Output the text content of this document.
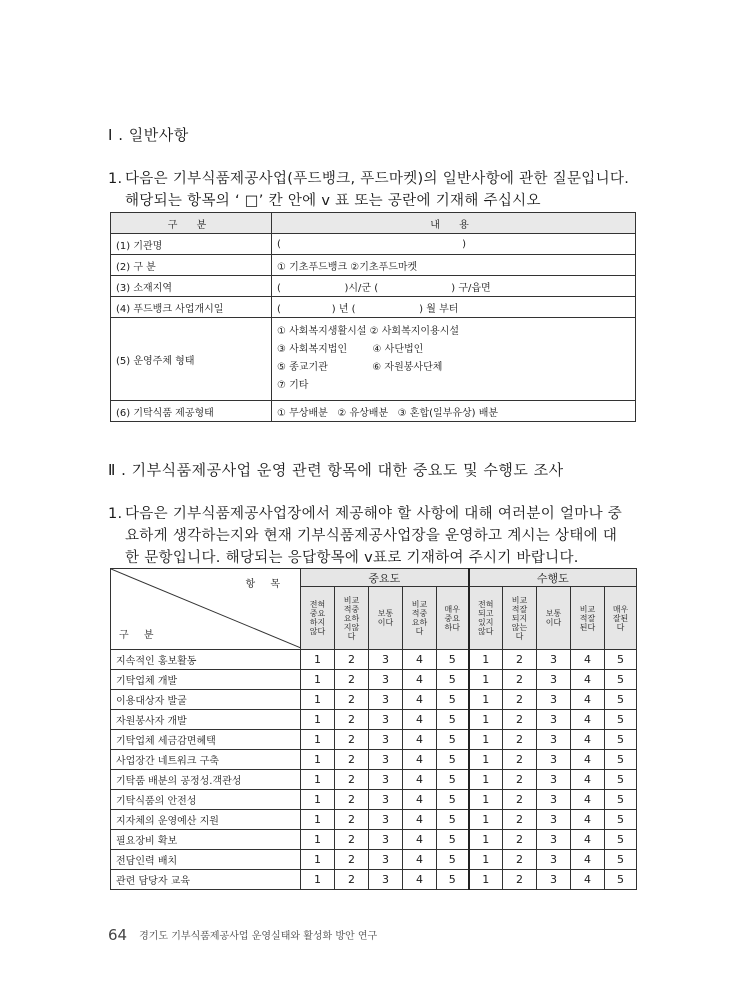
Ⅰ . 일반사항
1. 다음은 기부식품제공사업(푸드뱅크, 푸드마켓)의 일반사항에 관한 질문입니다.
해당되는 항목의 ‘ □’ 칸 안에 v 표 또는 공란에 기재해 주십시오
구 분	내 용
(1) 기관명	(                                                         )
(2) 구 분	① 기초푸드뱅크 ②기초푸드마켓
(3) 소재지역	(                    )시/군 (                       ) 구/읍면
(4) 푸드뱅크 사업개시일	(                ) 년 (                    ) 월 부터
(5) 운영주체 형태	① 사회복지생활시설 ② 사회복지이용시설
③ 사회복지법인        ④ 사단법인
⑤ 종교기관              ⑥ 자원봉사단체
⑦ 기타

(6) 기탁식품 제공형태	① 무상배분   ② 유상배분   ③ 혼합(일부유상) 배분
Ⅱ . 기부식품제공사업 운영 관련 항목에 대한 중요도 및 수행도 조사
1. 다음은 기부식품제공사업장에서 제공해야 할 사항에 대해 여러분이 얼마나 중
요하게 생각하는지와 현재 기부식품제공사업장을 운영하고 계시는 상태에 대
한 문항입니다. 해당되는 응답항목에 v표로 기재하여 주시기 바랍니다.
항 목
구 분	중요도					수행도				
	전혀
중요
하지
않다	비교
적중
요하
지않
다	보통
이다	비교
적중
요하
다	매우
중요
하다	전혀
되고
있지
않다	비교
적잘
되지
않는
다	보통
이다	비교
적잘
된다	매우
잘된
다
지속적인 홍보활동	1	2	3	4	5	1	2	3	4	5
기탁업체 개발	1	2	3	4	5	1	2	3	4	5
이용대상자 발굴	1	2	3	4	5	1	2	3	4	5
자원봉사자 개발	1	2	3	4	5	1	2	3	4	5
기탁업체 세금감면혜택	1	2	3	4	5	1	2	3	4	5
사업장간 네트워크 구축	1	2	3	4	5	1	2	3	4	5
기탁품 배분의 공정성.객관성	1	2	3	4	5	1	2	3	4	5
기탁식품의 안전성	1	2	3	4	5	1	2	3	4	5
지자체의 운영예산 지원	1	2	3	4	5	1	2	3	4	5
필요장비 확보	1	2	3	4	5	1	2	3	4	5
전담인력 배치	1	2	3	4	5	1	2	3	4	5
관련 담당자 교육	1	2	3	4	5	1	2	3	4	5
64 경기도 기부식품제공사업 운영실태와 활성화 방안 연구
